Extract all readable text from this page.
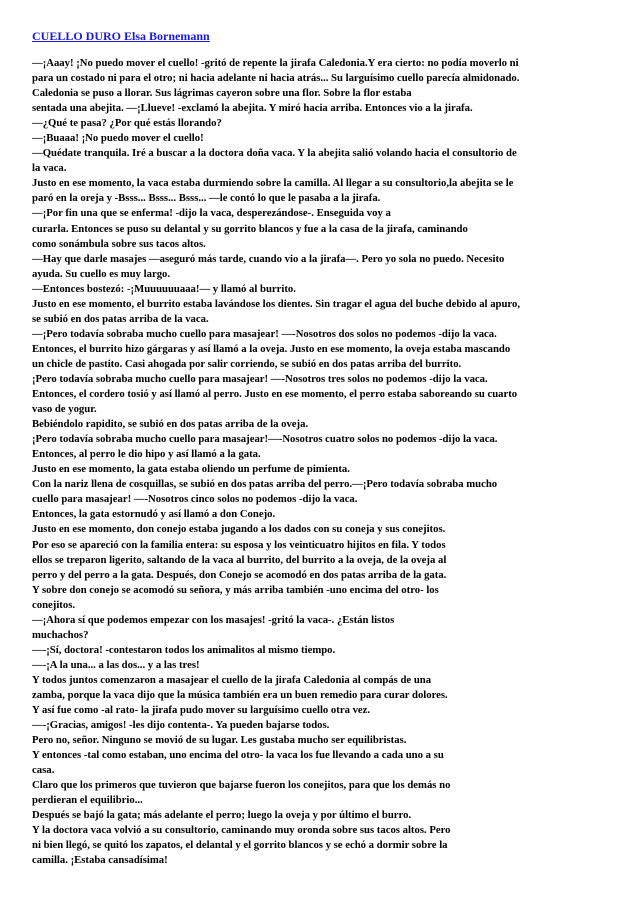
CUELLO DURO Elsa Bornemann
—¡Aaay! ¡No puedo mover el cuello! -gritó de repente la jirafa Caledonia.Y era cierto: no podía moverlo ni
para un costado ni para el otro; ni hacia adelante ni hacia atrás... Su larguísimo cuello parecía almidonado.
Caledonia se puso a llorar. Sus lágrimas cayeron sobre una flor. Sobre la flor estaba
sentada una abejita. —¡Llueve! -exclamó la abejita. Y miró hacia arriba. Entonces vio a la jirafa.
—¿Qué te pasa? ¿Por qué estás llorando?
—¡Buaaa! ¡No puedo mover el cuello!
—Quédate tranquila. Iré a buscar a la doctora doña vaca. Y la abejita salió volando hacia el consultorio de
la vaca.
Justo en ese momento, la vaca estaba durmiendo sobre la camilla. Al llegar a su consultorio,la abejita se le
paró en la oreja y -Bsss... Bsss... Bsss... —le contó lo que le pasaba a la jirafa.
—¡Por fin una que se enferma! -dijo la vaca, desperezándose-. Enseguida voy a
curarla. Entonces se puso su delantal y su gorrito blancos y fue a la casa de la jirafa, caminando
como sonámbula sobre sus tacos altos.
—Hay que darle masajes —aseguró más tarde, cuando vio a la jirafa—. Pero yo sola no puedo. Necesito
ayuda. Su cuello es muy largo.
—Entonces bostezó: -¡Muuuuuuaaa!— y llamó al burrito.
Justo en ese momento, el burrito estaba lavándose los dientes. Sin tragar el agua del buche debido al apuro,
se subió en dos patas arriba de la vaca.
—¡Pero todavía sobraba mucho cuello para masajear! —-Nosotros dos solos no podemos -dijo la vaca.
Entonces, el burrito hizo gárgaras y así llamó a la oveja. Justo en ese momento, la oveja estaba mascando
un chicle de pastito. Casi ahogada por salir corriendo, se subió en dos patas arriba del burrito.
¡Pero todavía sobraba mucho cuello para masajear! —-Nosotros tres solos no podemos -dijo la vaca.
Entonces, el cordero tosió y así llamó al perro. Justo en ese momento, el perro estaba saboreando su cuarto
vaso de yogur.
Bebiéndolo rapidito, se subió en dos patas arriba de la oveja.
¡Pero todavía sobraba mucho cuello para masajear!—-Nosotros cuatro solos no podemos -dijo la vaca.
Entonces, al perro le dio hipo y así llamó a la gata.
Justo en ese momento, la gata estaba oliendo un perfume de pimienta.
Con la nariz llena de cosquillas, se subió en dos patas arriba del perro.—¡Pero todavía sobraba mucho
cuello para masajear! —-Nosotros cinco solos no podemos -dijo la vaca.
Entonces, la gata estornudó y así llamó a don Conejo.
Justo en ese momento, don conejo estaba jugando a los dados con su coneja y sus conejitos.
Por eso se apareció con la familia entera: su esposa y los veinticuatro hijitos en fila. Y todos
ellos se treparon ligerito, saltando de la vaca al burrito, del burrito a la oveja, de la oveja al
perro y del perro a la gata. Después, don Conejo se acomodó en dos patas arriba de la gata.
Y sobre don conejo se acomodó su señora, y más arriba también -uno encima del otro- los
conejitos.
—¡Ahora sí que podemos empezar con los masajes! -gritó la vaca-. ¿Están listos
muchachos?
—-¡Sí, doctora! -contestaron todos los animalitos al mismo tiempo.
—-¡A la una... a las dos... y a las tres!
Y todos juntos comenzaron a masajear el cuello de la jirafa Caledonia al compás de una
zamba, porque la vaca dijo que la música también era un buen remedio para curar dolores.
Y así fue como -al rato- la jirafa pudo mover su larguísimo cuello otra vez.
—-¡Gracias, amigos! -les dijo contenta-. Ya pueden bajarse todos.
Pero no, señor. Ninguno se movió de su lugar. Les gustaba mucho ser equilibristas.
Y entonces -tal como estaban, uno encima del otro- la vaca los fue llevando a cada uno a su
casa.
Claro que los primeros que tuvieron que bajarse fueron los conejitos, para que los demás no
perdieran el equilibrio...
Después se bajó la gata; más adelante el perro; luego la oveja y por último el burro.
Y la doctora vaca volvió a su consultorio, caminando muy oronda sobre sus tacos altos. Pero
ni bien llegó, se quitó los zapatos, el delantal y el gorrito blancos y se echó a dormir sobre la
camilla. ¡Estaba cansadísima!
